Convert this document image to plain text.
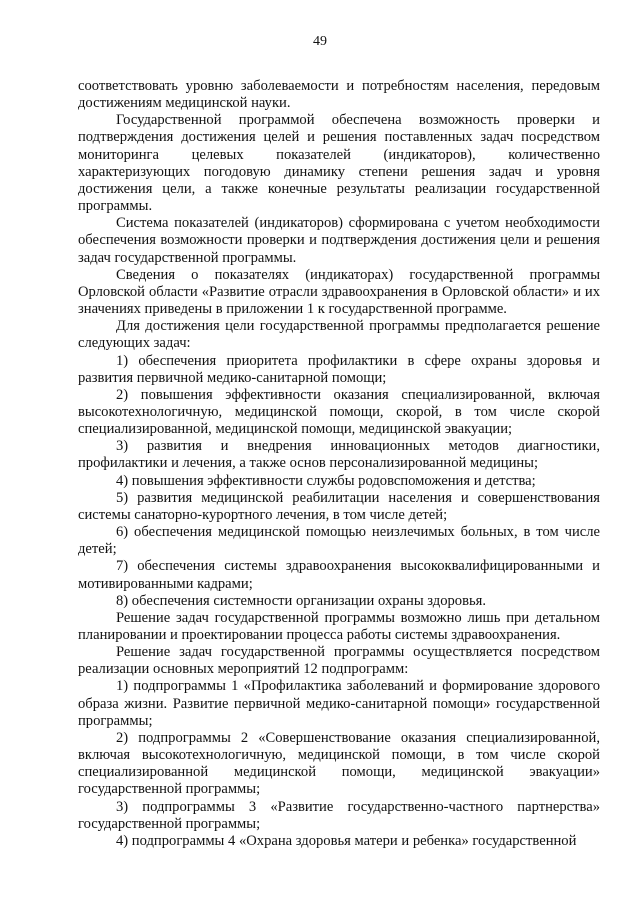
49

соответствовать уровню заболеваемости и потребностям населения, передовым достижениям медицинской науки.

Государственной программой обеспечена возможность проверки и подтверждения достижения целей и решения поставленных задач посредством мониторинга целевых показателей (индикаторов), количественно характеризующих погодовую динамику степени решения задач и уровня достижения цели, а также конечные результаты реализации государственной программы.

Система показателей (индикаторов) сформирована с учетом необходимости обеспечения возможности проверки и подтверждения достижения цели и решения задач государственной программы.

Сведения о показателях (индикаторах) государственной программы Орловской области «Развитие отрасли здравоохранения в Орловской области» и их значениях приведены в приложении 1 к государственной программе.

Для достижения цели государственной программы предполагается решение следующих задач:

1) обеспечения приоритета профилактики в сфере охраны здоровья и развития первичной медико-санитарной помощи;

2) повышения эффективности оказания специализированной, включая высокотехнологичную, медицинской помощи, скорой, в том числе скорой специализированной, медицинской помощи, медицинской эвакуации;

3) развития и внедрения инновационных методов диагностики, профилактики и лечения, а также основ персонализированной медицины;

4) повышения эффективности службы родовспоможения и детства;

5) развития медицинской реабилитации населения и совершенствования системы санаторно-курортного лечения, в том числе детей;

6) обеспечения медицинской помощью неизлечимых больных, в том числе детей;

7) обеспечения системы здравоохранения высококвалифицированными и мотивированными кадрами;

8) обеспечения системности организации охраны здоровья.

Решение задач государственной программы возможно лишь при детальном планировании и проектировании процесса работы системы здравоохранения.

Решение задач государственной программы осуществляется посредством реализации основных мероприятий 12 подпрограмм:

1) подпрограммы 1 «Профилактика заболеваний и формирование здорового образа жизни. Развитие первичной медико-санитарной помощи» государственной программы;

2) подпрограммы 2 «Совершенствование оказания специализированной, включая высокотехнологичную, медицинской помощи, в том числе скорой специализированной медицинской помощи, медицинской эвакуации» государственной программы;

3) подпрограммы 3 «Развитие государственно-частного партнерства» государственной программы;

4) подпрограммы 4 «Охрана здоровья матери и ребенка» государственной
